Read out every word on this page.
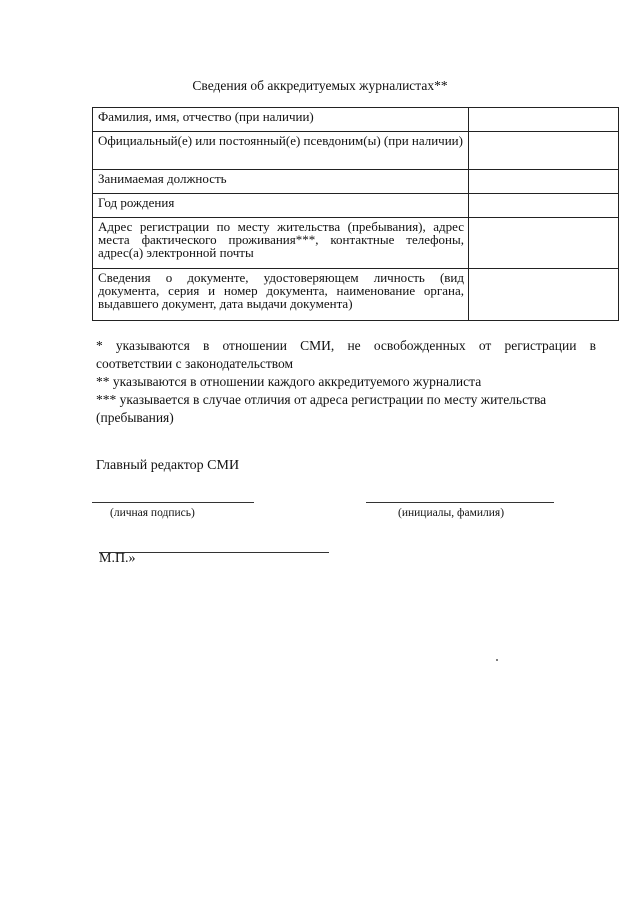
Сведения об аккредитуемых журналистах**
Фамилия, имя, отчество (при наличии)	
Официальный(е) или постоянный(е) псевдоним(ы) (при наличии)	
Занимаемая должность	
Год рождения	
Адрес регистрации по месту жительства (пребывания), адрес места фактического проживания***, контактные телефоны, адрес(а) электронной почты	
Сведения о документе, удостоверяющем личность (вид документа, серия и номер документа, наименование органа, выдавшего документ, дата выдачи документа)	
* указываются в отношении СМИ, не освобожденных от регистрации в
соответствии с законодательством
** указываются в отношении каждого аккредитуемого журналиста
*** указывается в случае отличия от адреса регистрации по месту жительства
(пребывания)
Главный редактор СМИ
(личная подпись)	(инициалы, фамилия)
М.П.»
